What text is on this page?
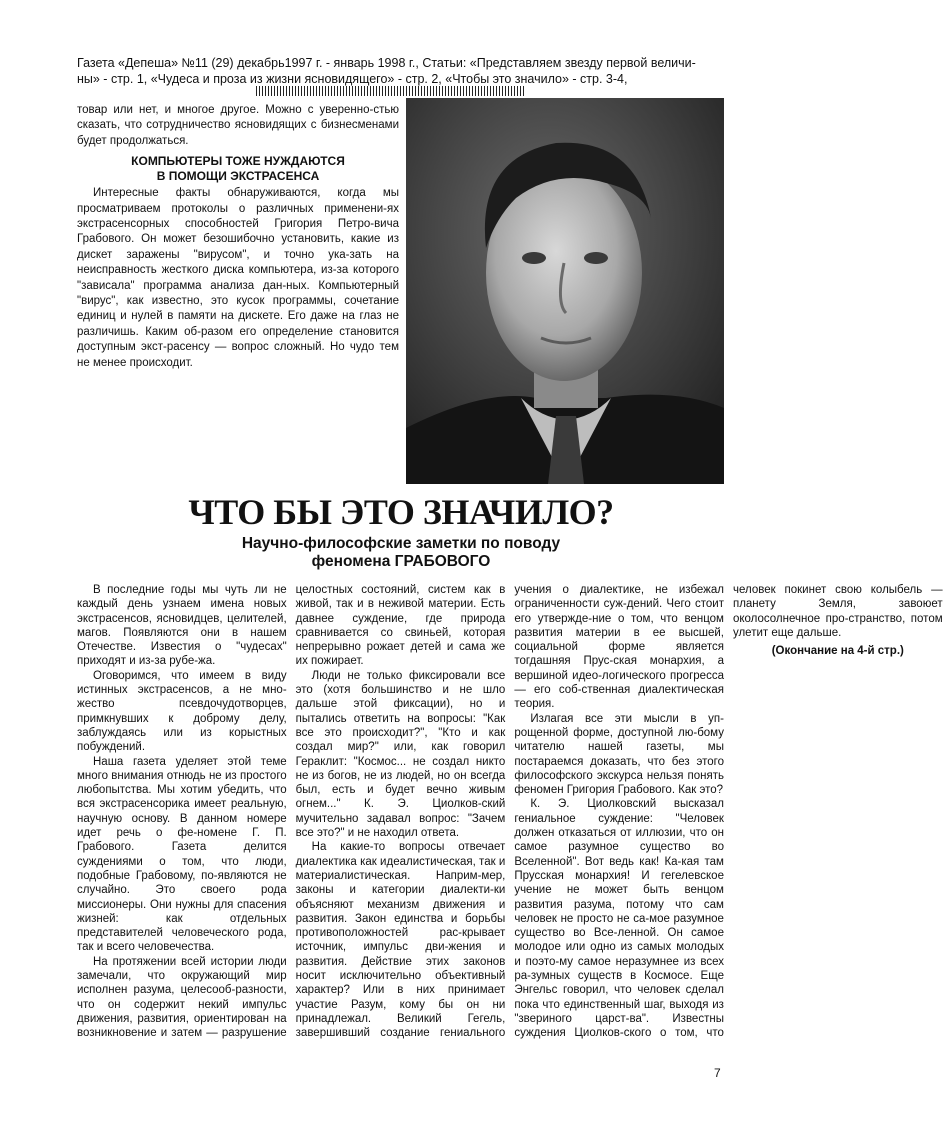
Газета «Депеша» №11 (29) декабрь1997 г. - январь 1998 г., Статьи: «Представляем звезду первой величи-
ны» - стр. 1, «Чудеса и проза из жизни ясновидящего» - стр. 2, «Чтобы это значило» - стр. 3-4,

товар или нет, и многое другое. Можно с уверенно-стью сказать, что сотрудничество ясновидящих с бизнесменами будет продолжаться.

КОМПЬЮТЕРЫ ТОЖЕ НУЖДАЮТСЯ
В ПОМОЩИ ЭКСТРАСЕНСА

Интересные факты обнаруживаются, когда мы просматриваем протоколы о различных применени-ях экстрасенсорных способностей Григория Петро-вича Грабового. Он может безошибочно установить, какие из дискет заражены "вирусом", и точно ука-зать на неисправность жесткого диска компьютера, из-за которого "зависала" программа анализа дан-ных. Компьютерный "вирус", как известно, это кусок программы, сочетание единиц и нулей в памяти на дискете. Его даже на глаз не различишь. Каким об-разом его определение становится доступным экст-расенсу — вопрос сложный. Но чудо тем не менее происходит.

ЧТО БЫ ЭТО ЗНАЧИЛО?
Научно-философские заметки по поводу
феномена ГРАБОВОГО

В последние годы мы чуть ли не каждый день узнаем имена новых экстрасенсов, ясновидцев, целителей, магов. Появляются они в нашем Отечестве. Известия о "чудесах" приходят и из-за рубе-жа.

Оговоримся, что имеем в виду истинных экстрасенсов, а не мно-жество псевдочудотворцев, примкнувших к доброму делу, заблуждаясь или из корыстных побуждений.

Наша газета уделяет этой теме много внимания отнюдь не из простого любопытства. Мы хотим убедить, что вся экстрасенсорика имеет реальную, научную основу. В данном номере идет речь о фе-номене Г. П. Грабового. Газета делится суждениями о том, что люди, подобные Грабовому, по-являются не случайно. Это своего рода миссионеры. Они нужны для спасения жизней: как отдельных представителей человеческого рода, так и всего человечества.

На протяжении всей истории люди замечали, что окружающий мир исполнен разума, целесооб-разности, что он содержит некий импульс движения, развития, ориентирован на возникновение и затем — разрушение целостных состояний, систем как в живой, так и в неживой материи. Есть давнее суждение, где природа сравнивается со свиньей, которая непрерывно рожает детей и сама же их пожирает.

Люди не только фиксировали все это (хотя большинство и не шло дальше этой фиксации), но и пытались ответить на вопросы: "Как все это происходит?", "Кто и как создал мир?" или, как говорил Гераклит: "Космос... не создал никто не из богов, не из людей, но он всегда был, есть и будет вечно живым огнем..." К. Э. Циолков-ский мучительно задавал вопрос: "Зачем все это?" и не находил ответа.

На какие-то вопросы отвечает диалектика как идеалистическая, так и материалистическая. Наприм-мер, законы и категории диалекти-ки объясняют механизм движения и развития. Закон единства и борьбы противоположностей рас-крывает источник, импульс дви-жения и развития. Действие этих законов носит исключительно объективный характер? Или в них принимает участие Разум, кому бы он ни принадлежал. Великий Гегель, завершивший создание гениального учения о диалектике, не избежал ограниченности суж-дений. Чего стоит его утвержде-ние о том, что венцом развития материи в ее высшей, социальной форме является тогдашняя Прус-ская монархия, а вершиной идео-логического прогресса — его соб-ственная диалектическая теория.

Излагая все эти мысли в уп-рощенной форме, доступной лю-бому читателю нашей газеты, мы постараемся доказать, что без этого философского экскурса нельзя понять феномен Григория Грабового. Как это?

К. Э. Циолковский высказал гениальное суждение: "Человек должен отказаться от иллюзии, что он самое разумное существо во Вселенной". Вот ведь как! Ка-кая там Прусская монархия! И гегелевское учение не может быть венцом развития разума, потому что сам человек не просто не са-мое разумное существо во Все-ленной. Он самое молодое или одно из самых молодых и поэто-му самое неразумнее из всех ра-зумных существ в Космосе. Еще Энгельс говорил, что человек сделал пока что единственный шаг, выходя из "звериного царст-ва". Известны суждения Циолков-ского о том, что человек покинет свою колыбель — планету Земля, завоюет околосолнечное про-странство, потом улетит еще дальше.

(Окончание на 4-й стр.)

7
